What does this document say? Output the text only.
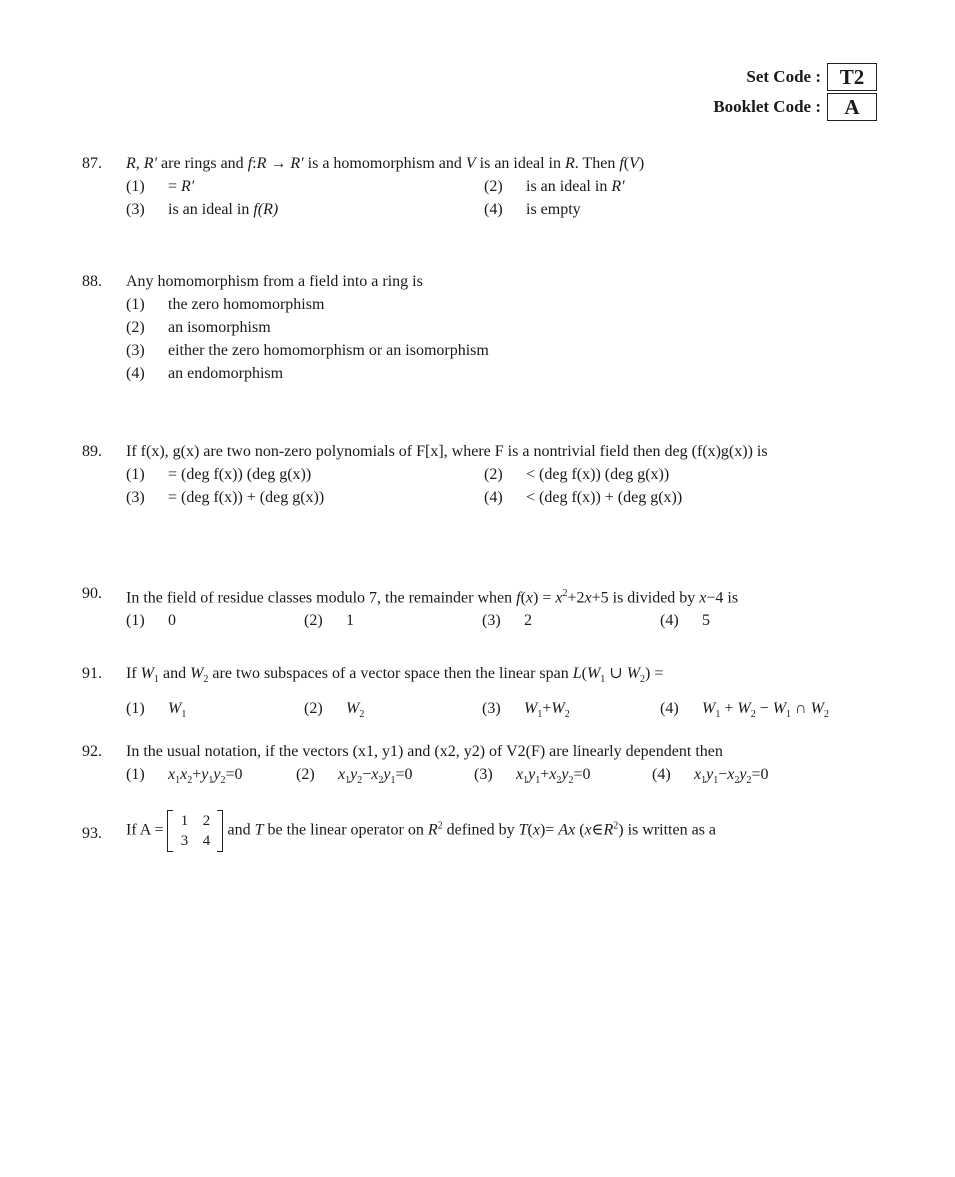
Set Code : T2
Booklet Code :	A
87.	R, R′ are rings and f:R → R′ is a homomorphism and V is an ideal in R. Then f(V)
(1)	= R′	(2)	is an ideal in R′
(3)	is an ideal in f(R)	(4)	is empty
88.	Any homomorphism from a field into a ring is
(1)	the zero homomorphism
(2)	an isomorphism
(3)	either the zero homomorphism or an isomorphism
(4)	an endomorphism
89.	If f(x), g(x) are two non-zero polynomials of F[x], where F is a nontrivial field then deg (f(x)g(x)) is
(1)	= (deg f(x)) (deg g(x))	(2)	< (deg f(x)) (deg g(x))
(3)	= (deg f(x)) + (deg g(x))	(4)	< (deg f(x)) + (deg g(x))
90.	In the field of residue classes modulo 7, the remainder when $f(x) = x^2+2x+5$ is divided by x−4 is
(1)	0	(2)	1	(3)	2	(4)	5
91.	If $W_1$ and $W_2$ are two subspaces of a vector space then the linear span $L(W_1$ ∪ $W_2$) =
(1)	$W_1$	(2)	$W_2$	(3)	$W_1+W_2$	(4)	$W_1 + W_2 - W_1$ ∩ $W_2$
92.	In the usual notation, if the vectors (x1, y1) and (x2, y2) of V2(F) are linearly dependent then
(1)	$x_1x_2+y_1y_2=0$	(2)	$x_1y_2-x_2y_1=0$	(3)	$x_1y_1+x_2y_2=0$	(4)	$x_1y_1-x_2y_2=0$
93.	If A =
1 2
3 4
and T be the linear operator on $R^2$ defined by T(x)= Ax $(x\in R^2)$ is written as a
